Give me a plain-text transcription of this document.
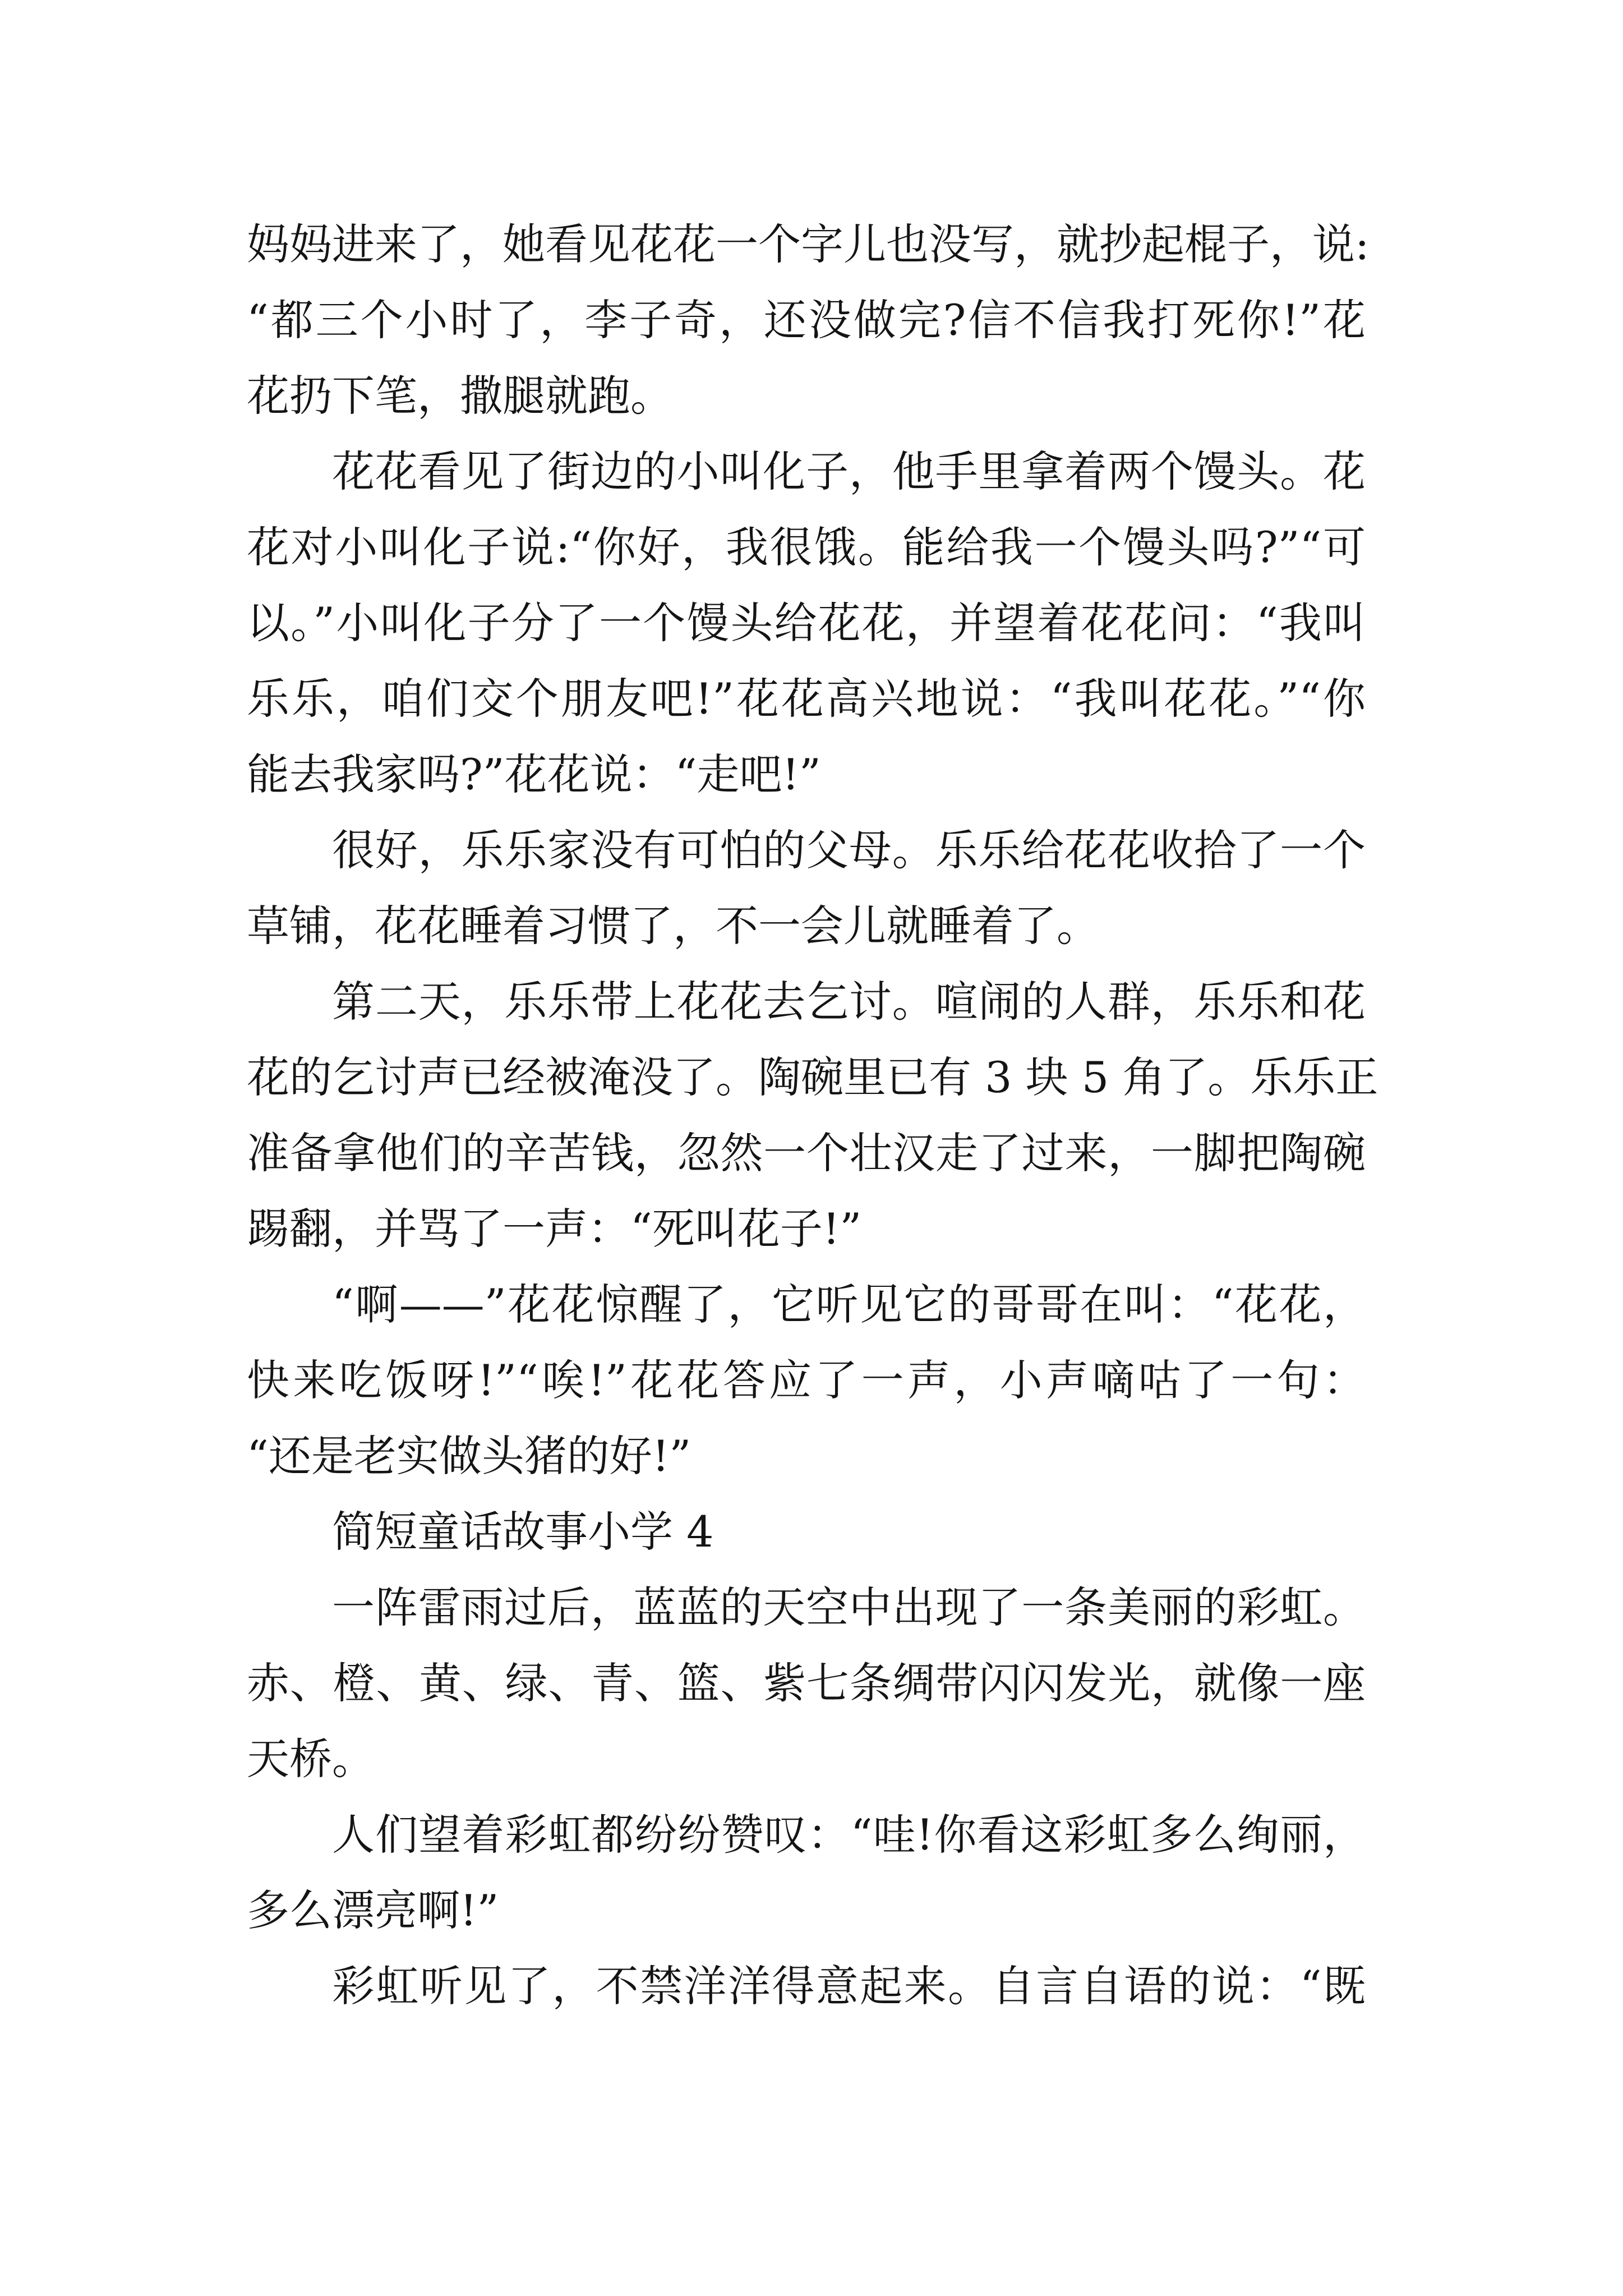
妈妈进来了，她看见花花一个字儿也没写，就抄起棍子，说:
“都三个小时了，李子奇，还没做完?信不信我打死你!”花
花扔下笔，撒腿就跑。
花花看见了街边的小叫化子，他手里拿着两个馒头。花
花对小叫化子说:“你好，我很饿。能给我一个馒头吗?”“可
以。”小叫化子分了一个馒头给花花，并望着花花问：“我叫
乐乐，咱们交个朋友吧!”花花高兴地说：“我叫花花。”“你
能去我家吗?”花花说：“走吧!”
很好，乐乐家没有可怕的父母。乐乐给花花收拾了一个
草铺，花花睡着习惯了，不一会儿就睡着了。
第二天，乐乐带上花花去乞讨。喧闹的人群，乐乐和花
花的乞讨声已经被淹没了。陶碗里已有 3 块 5 角了。乐乐正
准备拿他们的辛苦钱，忽然一个壮汉走了过来，一脚把陶碗
踢翻，并骂了一声：“死叫花子!”
“啊——”花花惊醒了，它听见它的哥哥在叫：“花花，
快来吃饭呀!”“唉!”花花答应了一声，小声嘀咕了一句：
“还是老实做头猪的好!”
简短童话故事小学 4
一阵雷雨过后，蓝蓝的天空中出现了一条美丽的彩虹。
赤、橙、黄、绿、青、篮、紫七条绸带闪闪发光，就像一座
天桥。
人们望着彩虹都纷纷赞叹：“哇!你看这彩虹多么绚丽，
多么漂亮啊!”
彩虹听见了，不禁洋洋得意起来。自言自语的说：“既
